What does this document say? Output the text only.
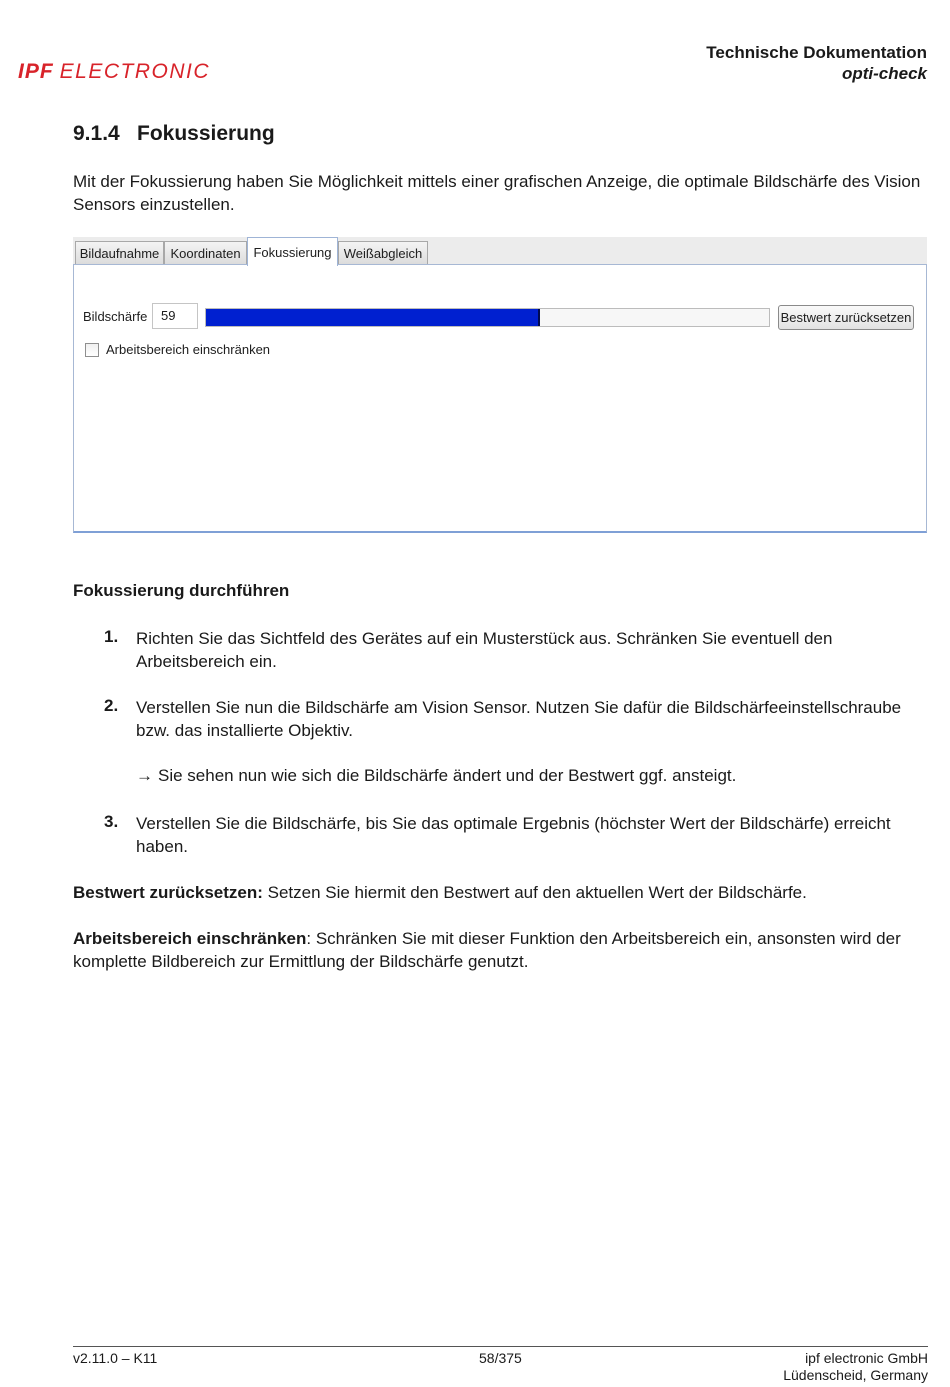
IPF ELECTRONIC
Technische Dokumentation
opti-check
9.1.4 Fokussierung
Mit der Fokussierung haben Sie Möglichkeit mittels einer grafischen Anzeige, die optimale Bildschärfe des Vision Sensors einzustellen.
Bildaufnahme Koordinaten Fokussierung Weißabgleich
Bildschärfe	59	Bestwert zurücksetzen
Arbeitsbereich einschränken
Fokussierung durchführen
1. Richten Sie das Sichtfeld des Gerätes auf ein Musterstück aus. Schränken Sie eventuell den Arbeitsbereich ein.
2. Verstellen Sie nun die Bildschärfe am Vision Sensor. Nutzen Sie dafür die Bildschärfeeinstellschraube bzw. das installierte Objektiv.
→ Sie sehen nun wie sich die Bildschärfe ändert und der Bestwert ggf. ansteigt.
3. Verstellen Sie die Bildschärfe, bis Sie das optimale Ergebnis (höchster Wert der Bildschärfe) erreicht haben.
Bestwert zurücksetzen: Setzen Sie hiermit den Bestwert auf den aktuellen Wert der Bildschärfe.
Arbeitsbereich einschränken: Schränken Sie mit dieser Funktion den Arbeitsbereich ein, ansonsten wird der komplette Bildbereich zur Ermittlung der Bildschärfe genutzt.
v2.11.0 – K11	58/375	ipf electronic GmbH
Lüdenscheid, Germany
